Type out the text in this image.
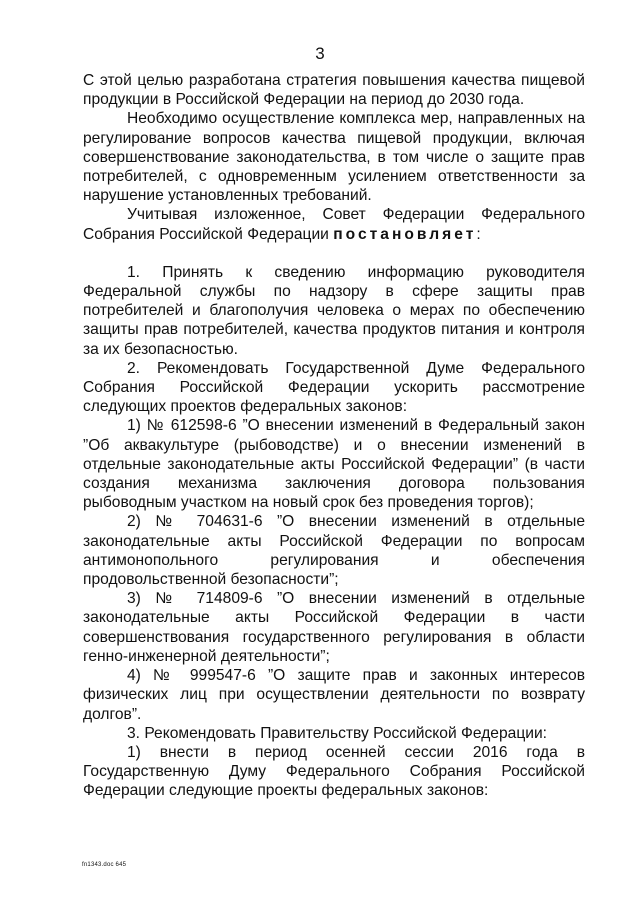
3

С этой целью разработана стратегия повышения качества пищевой продукции в Российской Федерации на период до 2030 года.

Необходимо осуществление комплекса мер, направленных на регулирование вопросов качества пищевой продукции, включая совершенствование законодательства, в том числе о защите прав потребителей, с одновременным усилением ответственности за нарушение установленных требований.

Учитывая изложенное, Совет Федерации Федерального Собрания Российской Федерации постановляет:

1. Принять к сведению информацию руководителя Федеральной службы по надзору в сфере защиты прав потребителей и благополучия человека о мерах по обеспечению защиты прав потребителей, качества продуктов питания и контроля за их безопасностью.

2. Рекомендовать Государственной Думе Федерального Собрания Российской Федерации ускорить рассмотрение следующих проектов федеральных законов:

1) № 612598-6 ”О внесении изменений в Федеральный закон ”Об аквакультуре (рыбоводстве) и о внесении изменений в отдельные законодательные акты Российской Федерации” (в части создания механизма заключения договора пользования рыбоводным участком на новый срок без проведения торгов);

2) № 704631-6 ”О внесении изменений в отдельные законодательные акты Российской Федерации по вопросам антимонопольного регулирования и обеспечения продовольственной безопасности”;

3) № 714809-6 ”О внесении изменений в отдельные законодательные акты Российской Федерации в части совершенствования государственного регулирования в области генно-инженерной деятельности”;

4) № 999547-6 ”О защите прав и законных интересов физических лиц при осуществлении деятельности по возврату долгов”.

3. Рекомендовать Правительству Российской Федерации:

1) внести в период осенней сессии 2016 года в Государственную Думу Федерального Собрания Российской Федерации следующие проекты федеральных законов:

fn1343.doc 645
